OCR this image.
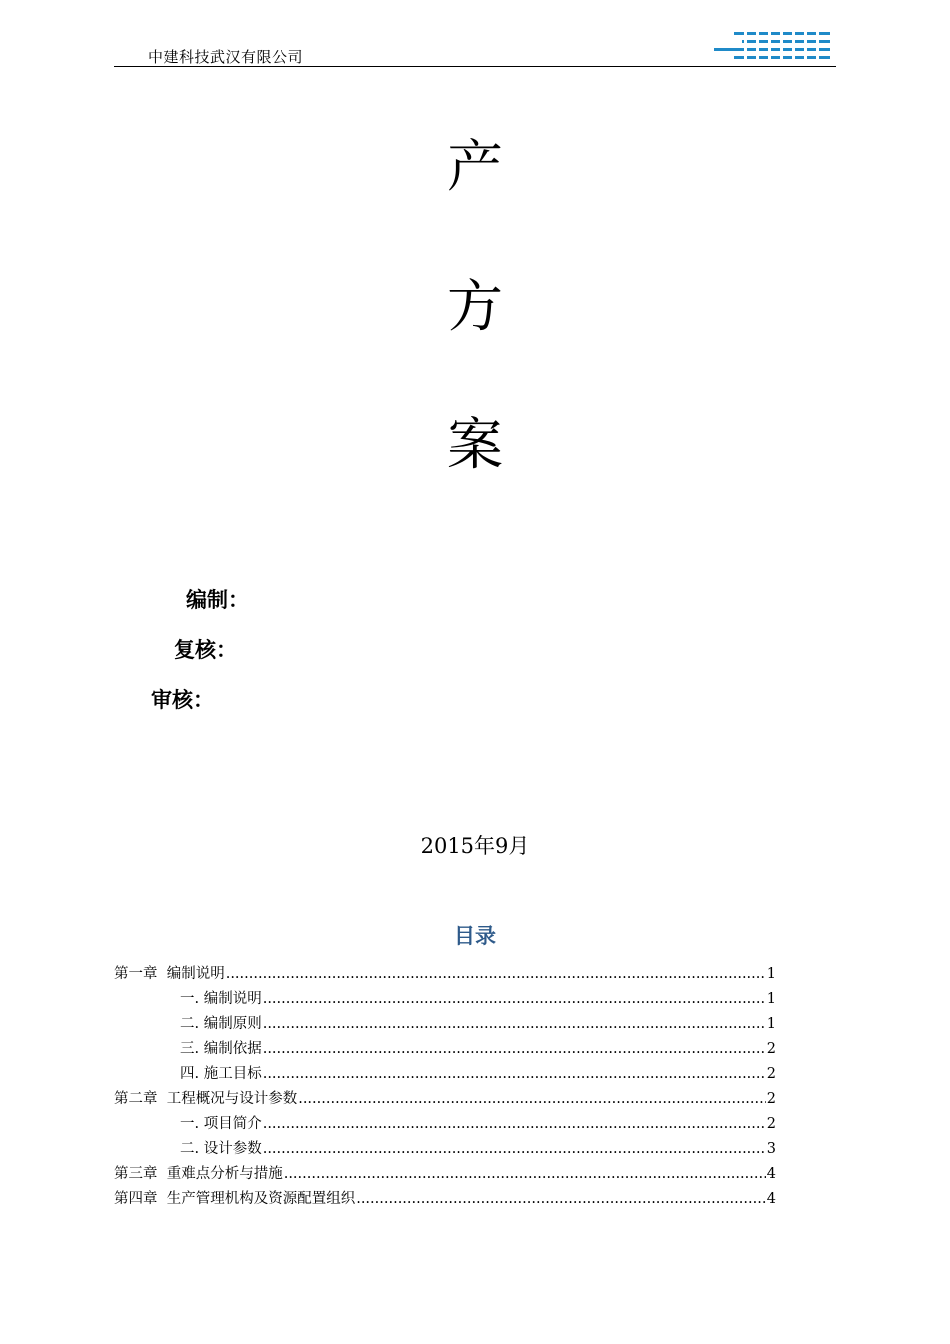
中建科技武汉有限公司
产
方
案
编制：
复核：
审核：
2015年9月
目录
第一章  编制说明 .....	1
一. 编制说明 .....	1
二. 编制原则 .....	1
三. 编制依据 .....	2
四. 施工目标 .....	2
第二章  工程概况与设计参数 .....	2
一. 项目简介 .....	2
二. 设计参数 .....	3
第三章  重难点分析与措施 .....	4
第四章  生产管理机构及资源配置组织 .....	4
